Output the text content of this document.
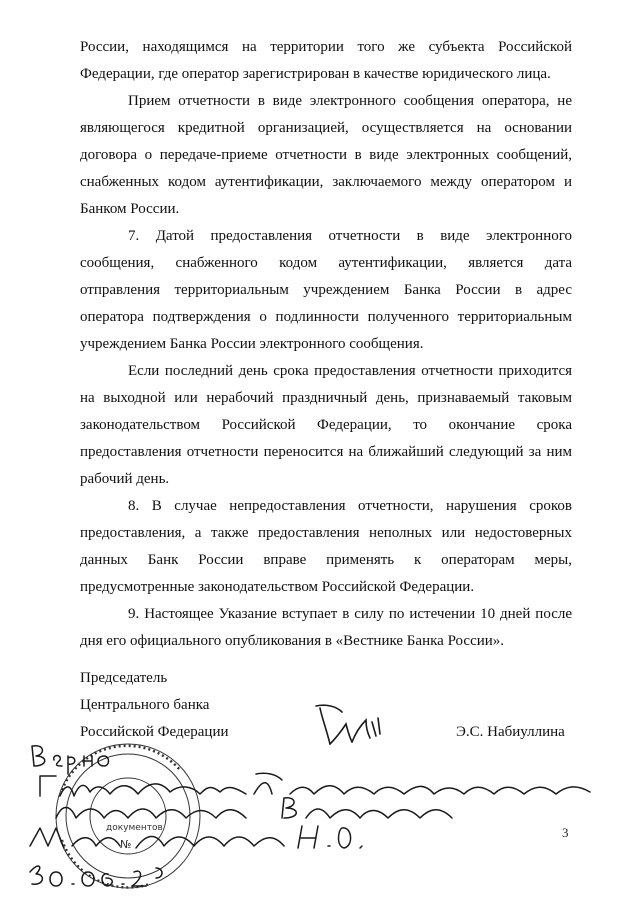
России, находящимся на территории того же субъекта Российской
Федерации, где оператор зарегистрирован в качестве юридического лица.
Прием отчетности в виде электронного сообщения оператора, не
являющегося кредитной организацией, осуществляется на основании
договора о передаче-приеме отчетности в виде электронных сообщений,
снабженных кодом аутентификации, заключаемого между оператором и
Банком России.
7. Датой предоставления отчетности в виде электронного
сообщения, снабженного кодом аутентификации, является дата
отправления территориальным учреждением Банка России в адрес
оператора подтверждения о подлинности полученного территориальным
учреждением Банка России электронного сообщения.
Если последний день срока предоставления отчетности приходится
на выходной или нерабочий праздничный день, признаваемый таковым
законодательством Российской Федерации, то окончание срока
предоставления отчетности переносится на ближайший следующий за ним
рабочий день.
8. В случае непредоставления отчетности, нарушения сроков
предоставления, а также предоставления неполных или недостоверных
данных Банк России вправе применять к операторам меры,
предусмотренные законодательством Российской Федерации.
9. Настоящее Указание вступает в силу по истечении 10 дней после
дня его официального опубликования в «Вестнике Банка России».
Председатель
Центрального банка
Российской Федерации	Э.С. Набиуллина
документов
№
3
